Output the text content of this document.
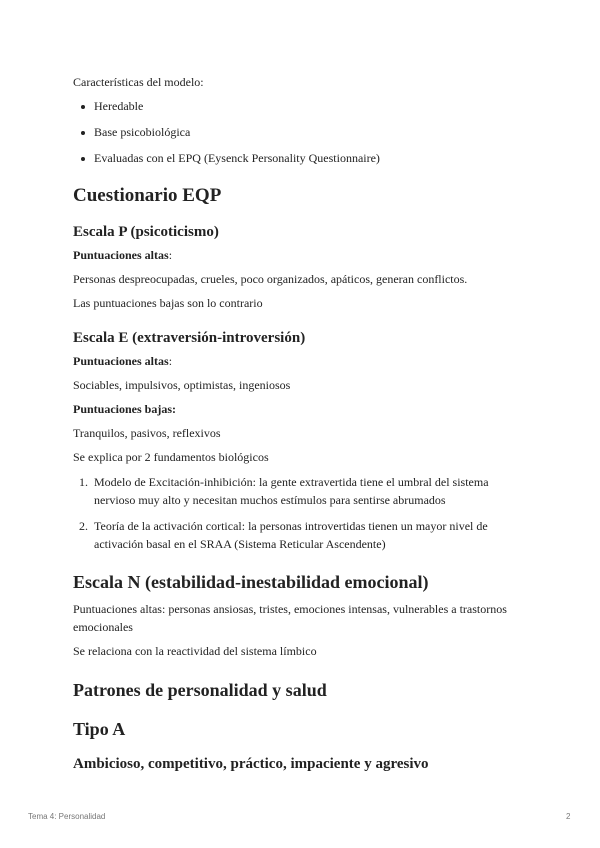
Características del modelo:

Heredable
Base psicobiológica
Evaluadas con el EPQ (Eysenck Personality Questionnaire)
Cuestionario EQP
Escala P (psicoticismo)

Puntuaciones altas:

Personas despreocupadas, crueles, poco organizados, apáticos, generan conflictos.

Las puntuaciones bajas son lo contrario

Escala E (extraversión-introversión)

Puntuaciones altas:

Sociables, impulsivos, optimistas, ingeniosos

Puntuaciones bajas:

Tranquilos, pasivos, reflexivos

Se explica por 2 fundamentos biológicos

1. Modelo de Excitación-inhibición: la gente extravertida tiene el umbral del sistema
nervioso muy alto y necesitan muchos estímulos para sentirse abrumados
2. Teoría de la activación cortical: la personas introvertidas tienen un mayor nivel de
activación basal en el SRAA (Sistema Reticular Ascendente)
Escala N (estabilidad-inestabilidad emocional)

Puntuaciones altas: personas ansiosas, tristes, emociones intensas, vulnerables a trastornos

emocionales

Se relaciona con la reactividad del sistema límbico

Patrones de personalidad y salud
Tipo A
Ambicioso, competitivo, práctico, impaciente y agresivo
Tema 4: Personalidad	2
